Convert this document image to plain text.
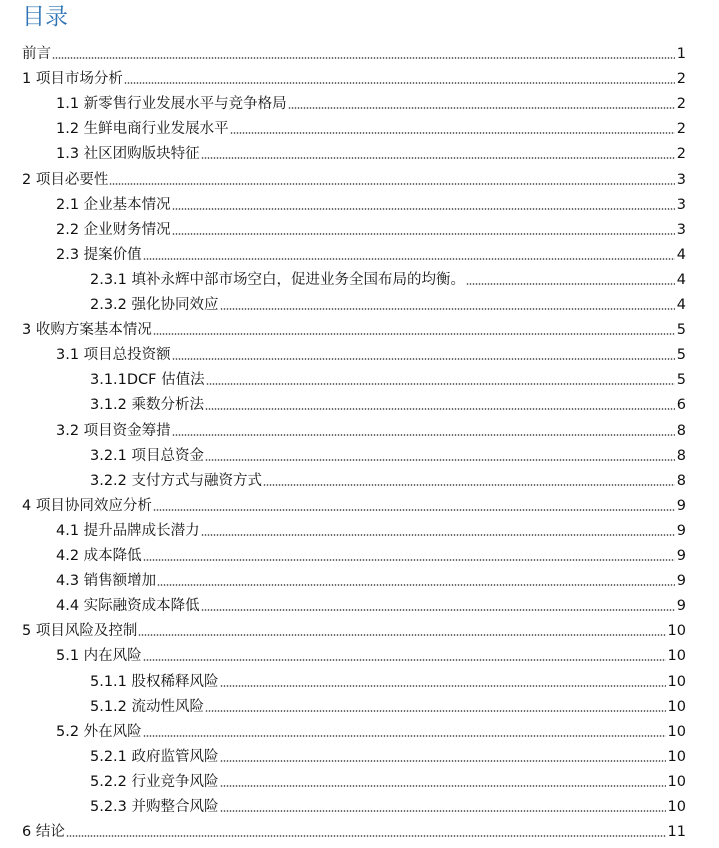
目录
前言	1
1 项目市场分析	2
1.1 新零售行业发展水平与竞争格局	2
1.2 生鲜电商行业发展水平	2
1.3 社区团购版块特征	2
2 项目必要性	3
2.1 企业基本情况	3
2.2 企业财务情况	3
2.3 提案价值	4
2.3.1 填补永辉中部市场空白，促进业务全国布局的均衡。	4
2.3.2 强化协同效应	4
3 收购方案基本情况	5
3.1 项目总投资额	5
3.1.1DCF 估值法	5
3.1.2 乘数分析法	6
3.2 项目资金筹措	8
3.2.1 项目总资金	8
3.2.2 支付方式与融资方式	8
4 项目协同效应分析	9
4.1 提升品牌成长潜力	9
4.2 成本降低	9
4.3 销售额增加	9
4.4 实际融资成本降低	9
5 项目风险及控制	10
5.1 内在风险	10
5.1.1 股权稀释风险	10
5.1.2 流动性风险	10
5.2 外在风险	10
5.2.1 政府监管风险	10
5.2.2 行业竞争风险	10
5.2.3 并购整合风险	10
6 结论	11
